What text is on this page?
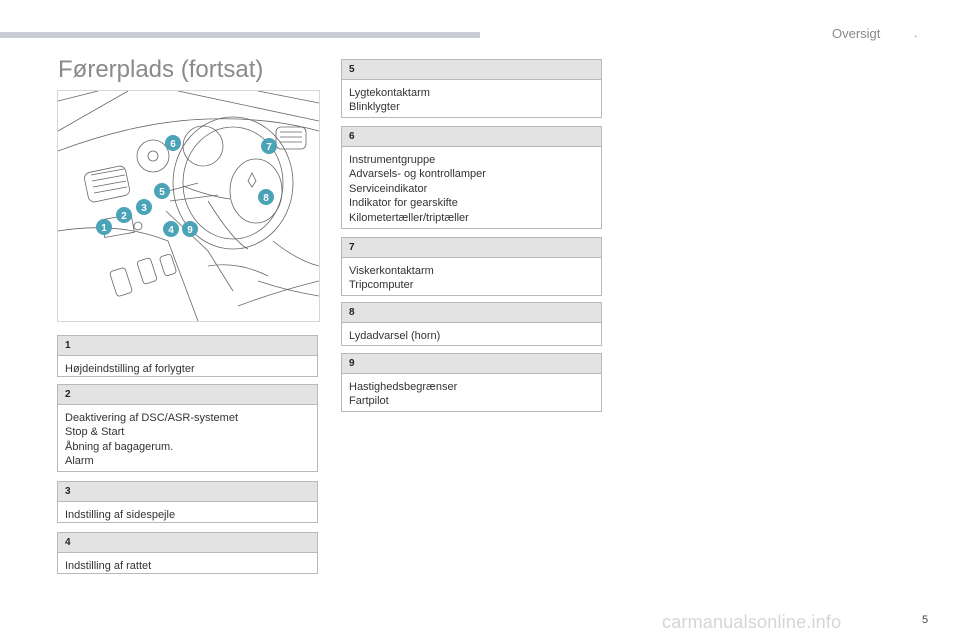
Oversigt	.
Førerplads (fortsat)
1
2
3
4
5
6	7
8
9
1
Højdeindstilling af forlygter
2
Deaktivering af DSC/ASR-systemet
Stop & Start
Åbning af bagagerum.
Alarm
3
Indstilling af sidespejle
4
Indstilling af rattet
5
Lygtekontaktarm
Blinklygter
6
Instrumentgruppe
Advarsels- og kontrollamper
Serviceindikator
Indikator for gearskifte
Kilometertæller/triptæller
7
Viskerkontaktarm
Tripcomputer
8
Lydadvarsel (horn)
9
Hastighedsbegrænser
Fartpilot
carmanualsonline.info	5
